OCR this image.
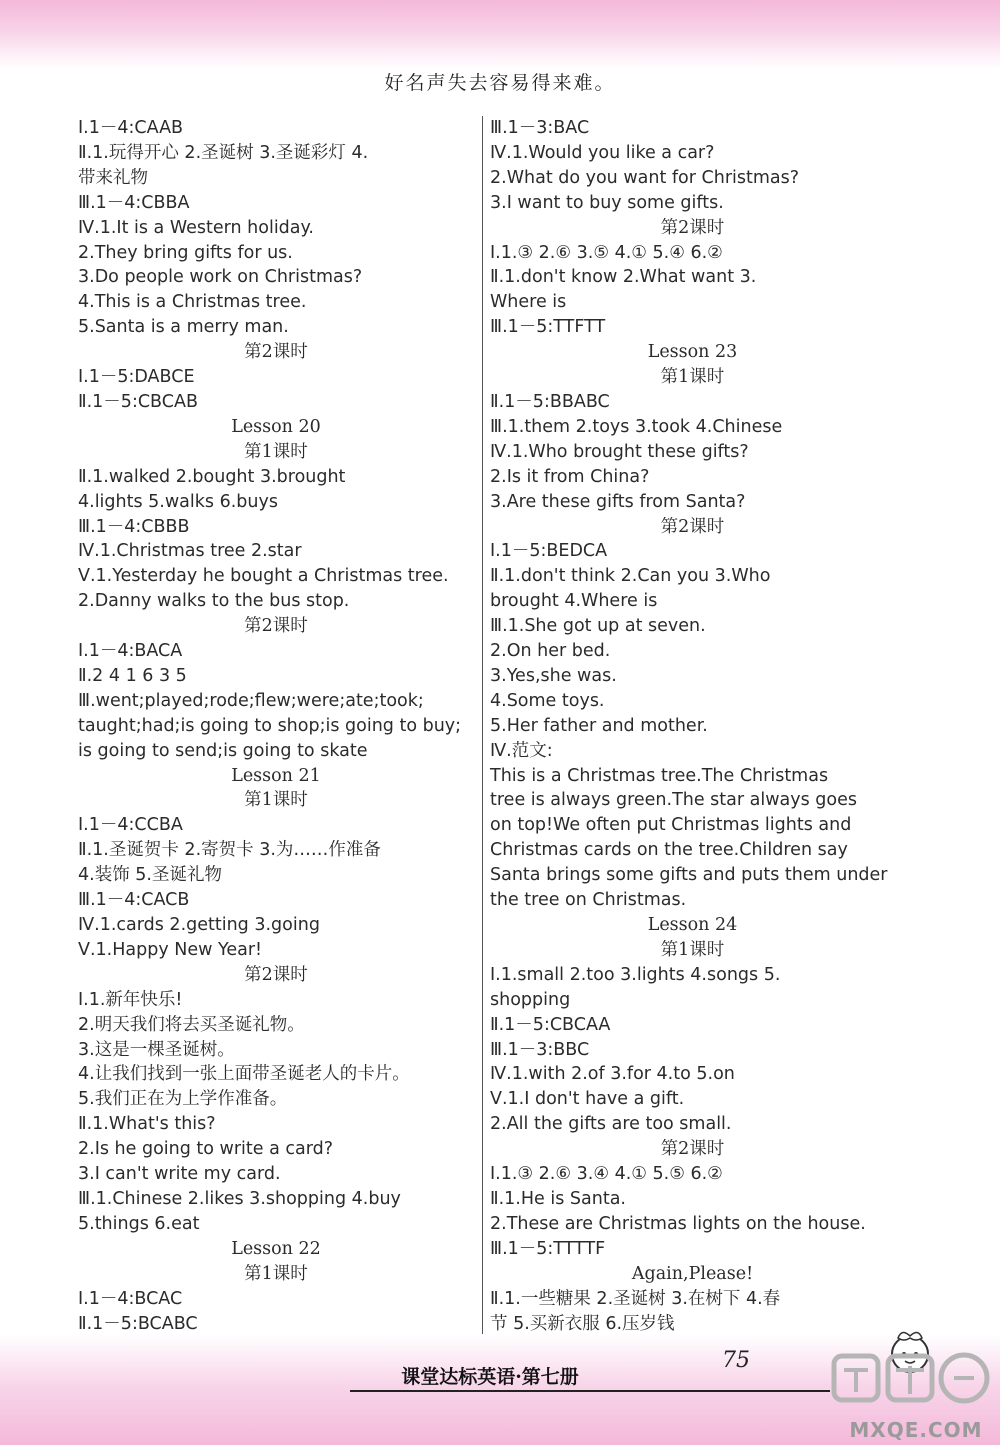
好名声失去容易得来难。
Ⅰ.1－4:CAAB
Ⅱ.1.玩得开心 2.圣诞树 3.圣诞彩灯 4.
带来礼物
Ⅲ.1－4:CBBA
Ⅳ.1.It is a Western holiday.
2.They bring gifts for us.
3.Do people work on Christmas?
4.This is a Christmas tree.
5.Santa is a merry man.
第2课时
Ⅰ.1－5:DABCE
Ⅱ.1－5:CBCAB
Lesson 20
第1课时
Ⅱ.1.walked 2.bought 3.brought
4.lights 5.walks 6.buys
Ⅲ.1－4:CBBB
Ⅳ.1.Christmas tree 2.star
Ⅴ.1.Yesterday he bought a Christmas tree.
2.Danny walks to the bus stop.
第2课时
Ⅰ.1－4:BACA
Ⅱ.2 4 1 6 3 5
Ⅲ.went;played;rode;flew;were;ate;took;
taught;had;is going to shop;is going to buy;
is going to send;is going to skate
Lesson 21
第1课时
Ⅰ.1－4:CCBA
Ⅱ.1.圣诞贺卡 2.寄贺卡 3.为……作准备
4.装饰 5.圣诞礼物
Ⅲ.1－4:CACB
Ⅳ.1.cards 2.getting 3.going
Ⅴ.1.Happy New Year!
第2课时
Ⅰ.1.新年快乐!
2.明天我们将去买圣诞礼物。
3.这是一棵圣诞树。
4.让我们找到一张上面带圣诞老人的卡片。
5.我们正在为上学作准备。
Ⅱ.1.What's this?
2.Is he going to write a card?
3.I can't write my card.
Ⅲ.1.Chinese 2.likes 3.shopping 4.buy
5.things 6.eat
Lesson 22
第1课时
Ⅰ.1－4:BCAC
Ⅱ.1－5:BCABC
Ⅲ.1－3:BAC
Ⅳ.1.Would you like a car?
2.What do you want for Christmas?
3.I want to buy some gifts.
第2课时
Ⅰ.1.③ 2.⑥ 3.⑤ 4.① 5.④ 6.②
Ⅱ.1.don't know 2.What want 3.
Where is
Ⅲ.1－5:TTFTT
Lesson 23
第1课时
Ⅱ.1－5:BBABC
Ⅲ.1.them 2.toys 3.took 4.Chinese
Ⅳ.1.Who brought these gifts?
2.Is it from China?
3.Are these gifts from Santa?
第2课时
Ⅰ.1－5:BEDCA
Ⅱ.1.don't think 2.Can you 3.Who
brought 4.Where is
Ⅲ.1.She got up at seven.
2.On her bed.
3.Yes,she was.
4.Some toys.
5.Her father and mother.
Ⅳ.范文:
This is a Christmas tree.The Christmas
tree is always green.The star always goes
on top!We often put Christmas lights and
Christmas cards on the tree.Children say
Santa brings some gifts and puts them under
the tree on Christmas.
Lesson 24
第1课时
Ⅰ.1.small 2.too 3.lights 4.songs 5.
shopping
Ⅱ.1－5:CBCAA
Ⅲ.1－3:BBC
Ⅳ.1.with 2.of 3.for 4.to 5.on
Ⅴ.1.I don't have a gift.
2.All the gifts are too small.
第2课时
Ⅰ.1.③ 2.⑥ 3.④ 4.① 5.⑤ 6.②
Ⅱ.1.He is Santa.
2.These are Christmas lights on the house.
Ⅲ.1－5:TTTTF
Again,Please!
Ⅱ.1.一些糖果 2.圣诞树 3.在树下 4.春
节 5.买新衣服 6.压岁钱
课堂达标英语·第七册
75
MXQE.COM
